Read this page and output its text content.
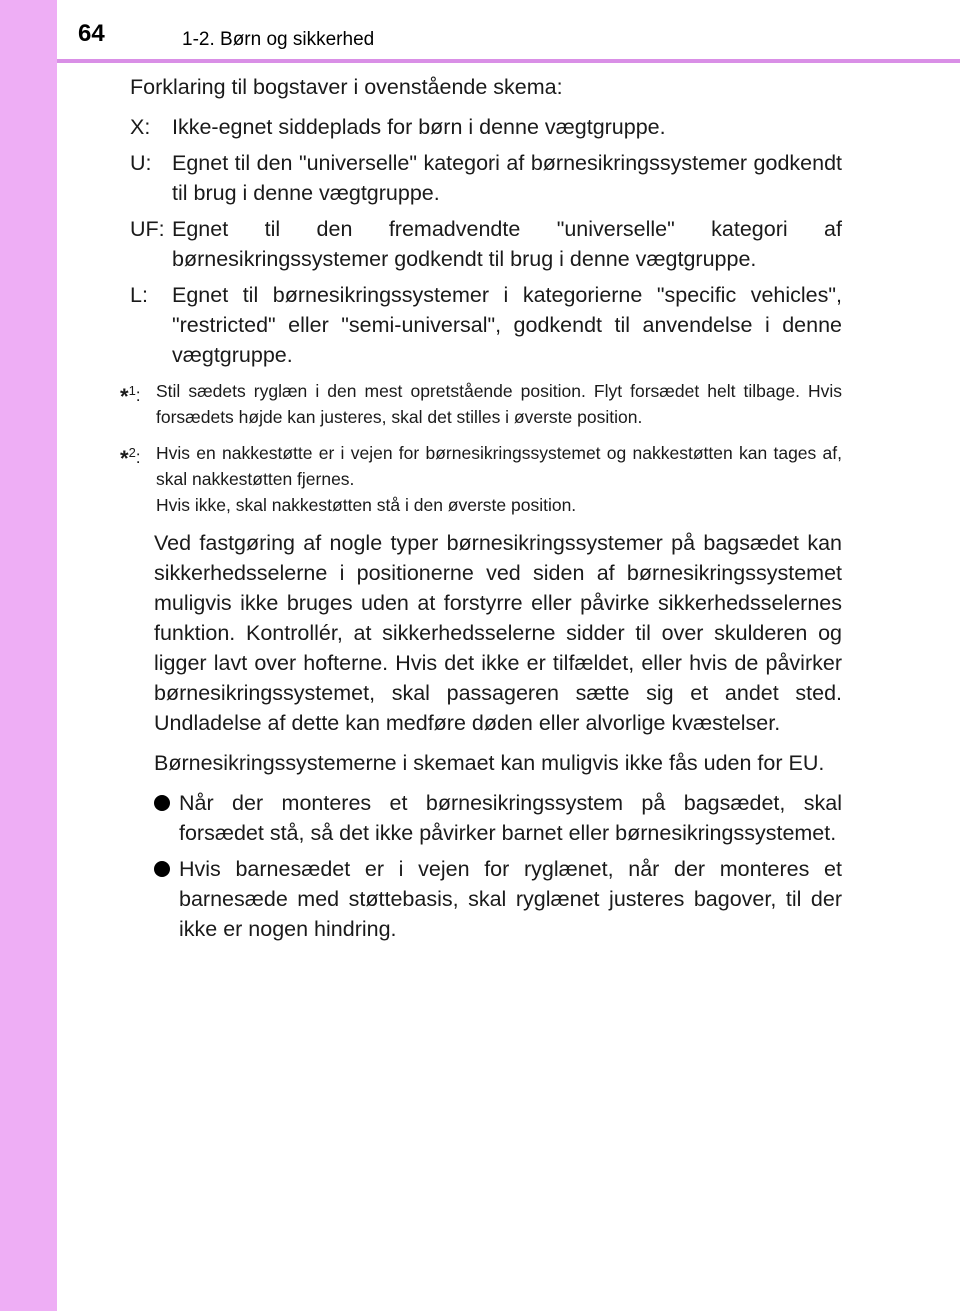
64	1-2. Børn og sikkerhed

Forklaring til bogstaver i ovenstående skema:

X:	Ikke-egnet siddeplads for børn i denne vægtgruppe.
U: Egnet til den "universelle" kategori af børnesikringssystemer godkendt til brug i denne vægtgruppe.
UF: Egnet til den fremadvendte "universelle" kategori af børnesikringssystemer godkendt til brug i denne vægtgruppe.
L:	Egnet til børnesikringssystemer i kategorierne "specific vehicles", "restricted" eller "semi-universal", godkendt til anvendelse i denne vægtgruppe.
*$^1$: Stil sædets ryglæn i den mest opretstående position. Flyt forsædet helt tilbage. Hvis forsædets højde kan justeres, skal det stilles i øverste position.
*$^2$: Hvis en nakkestøtte er i vejen for børnesikringssystemet og nakkestøtten kan tages af, skal nakkestøtten fjernes.
Hvis ikke, skal nakkestøtten stå i den øverste position.

Ved fastgøring af nogle typer børnesikringssystemer på bagsædet kan sikkerhedsselerne i positionerne ved siden af børnesikringssystemet muligvis ikke bruges uden at forstyrre eller påvirke sikkerhedsselernes funktion. Kontrollér, at sikkerhedsselerne sidder til over skulderen og ligger lavt over hofterne. Hvis det ikke er tilfældet, eller hvis de påvirker børnesikringssystemet, skal passageren sætte sig et andet sted. Undladelse af dette kan medføre døden eller alvorlige kvæstelser.

Børnesikringssystemerne i skemaet kan muligvis ikke fås uden for EU.

Når der monteres et børnesikringssystem på bagsædet, skal forsædet stå, så det ikke påvirker barnet eller børnesikringssystemet.
Hvis barnesædet er i vejen for ryglænet, når der monteres et barnesæde med støttebasis, skal ryglænet justeres bagover, til der ikke er nogen hindring.
carmanualsonline.info
